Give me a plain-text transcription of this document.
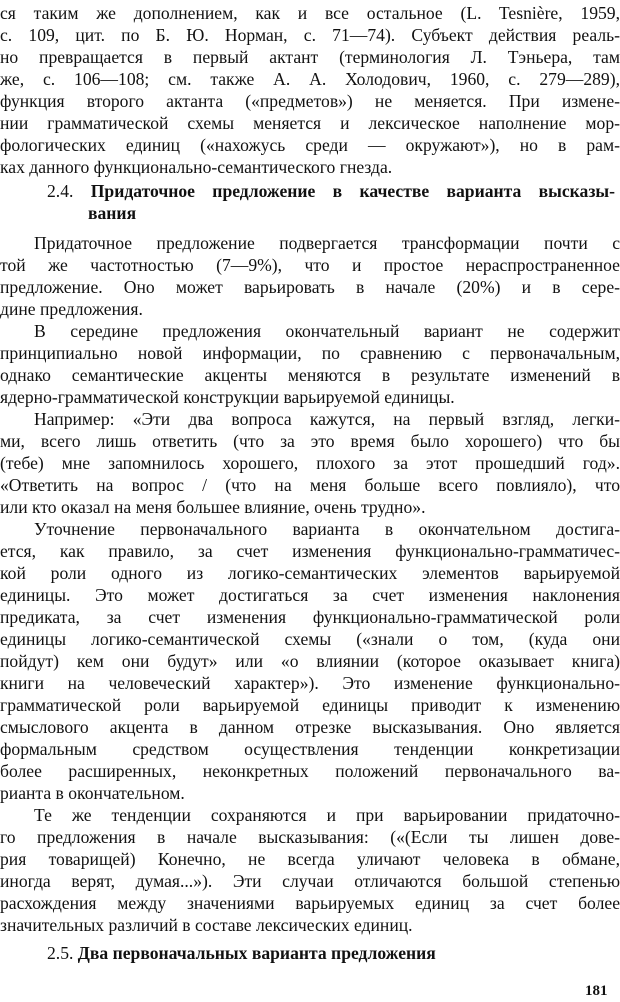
ся таким же дополнением, как и все остальное (L. Tesnière, 1959,
с. 109, цит. по Б. Ю. Норман, с. 71—74). Субъект действия реаль-
но превращается в первый актант (терминология Л. Тэньера, там
же, с. 106—108; см. также А. А. Холодович, 1960, с. 279—289),
функция второго актанта («предметов») не меняется. При измене-
нии грамматической схемы меняется и лексическое наполнение мор-
фологических единиц («нахожусь среди — окружают»), но в рам-
ках данного функционально-семантического гнезда.
2.4. Придаточное предложение в качестве варианта высказы-
вания
Придаточное предложение подвергается трансформации почти с
той же частотностью (7—9%), что и простое нераспространенное
предложение. Оно может варьировать в начале (20%) и в сере-
дине предложения.
В середине предложения окончательный вариант не содержит
принципиально новой информации, по сравнению с первоначальным,
однако семантические акценты меняются в результате изменений в
ядерно-грамматической конструкции варьируемой единицы.
Например: «Эти два вопроса кажутся, на первый взгляд, легки-
ми, всего лишь ответить (что за это время было хорошего) что бы
(тебе) мне запомнилось хорошего, плохого за этот прошедший год».
«Ответить на вопрос / (что на меня больше всего повлияло), что
или кто оказал на меня большее влияние, очень трудно».
Уточнение первоначального варианта в окончательном достига-
ется, как правило, за счет изменения функционально-грамматичес-
кой роли одного из логико-семантических элементов варьируемой
единицы. Это может достигаться за счет изменения наклонения
предиката, за счет изменения функционально-грамматической роли
единицы логико-семантической схемы («знали о том, (куда они
пойдут) кем они будут» или «о влиянии (которое оказывает книга)
книги на человеческий характер»). Это изменение функционально-
грамматической роли варьируемой единицы приводит к изменению
смыслового акцента в данном отрезке высказывания. Оно является
формальным средством осуществления тенденции конкретизации
более расширенных, неконкретных положений первоначального ва-
рианта в окончательном.
Те же тенденции сохраняются и при варьировании придаточно-
го предложения в начале высказывания: («(Если ты лишен дове-
рия товарищей) Конечно, не всегда уличают человека в обмане,
иногда верят, думая...»). Эти случаи отличаются большой степенью
расхождения между значениями варьируемых единиц за счет более
значительных различий в составе лексических единиц.
2.5. Два первоначальных варианта предложения
181
